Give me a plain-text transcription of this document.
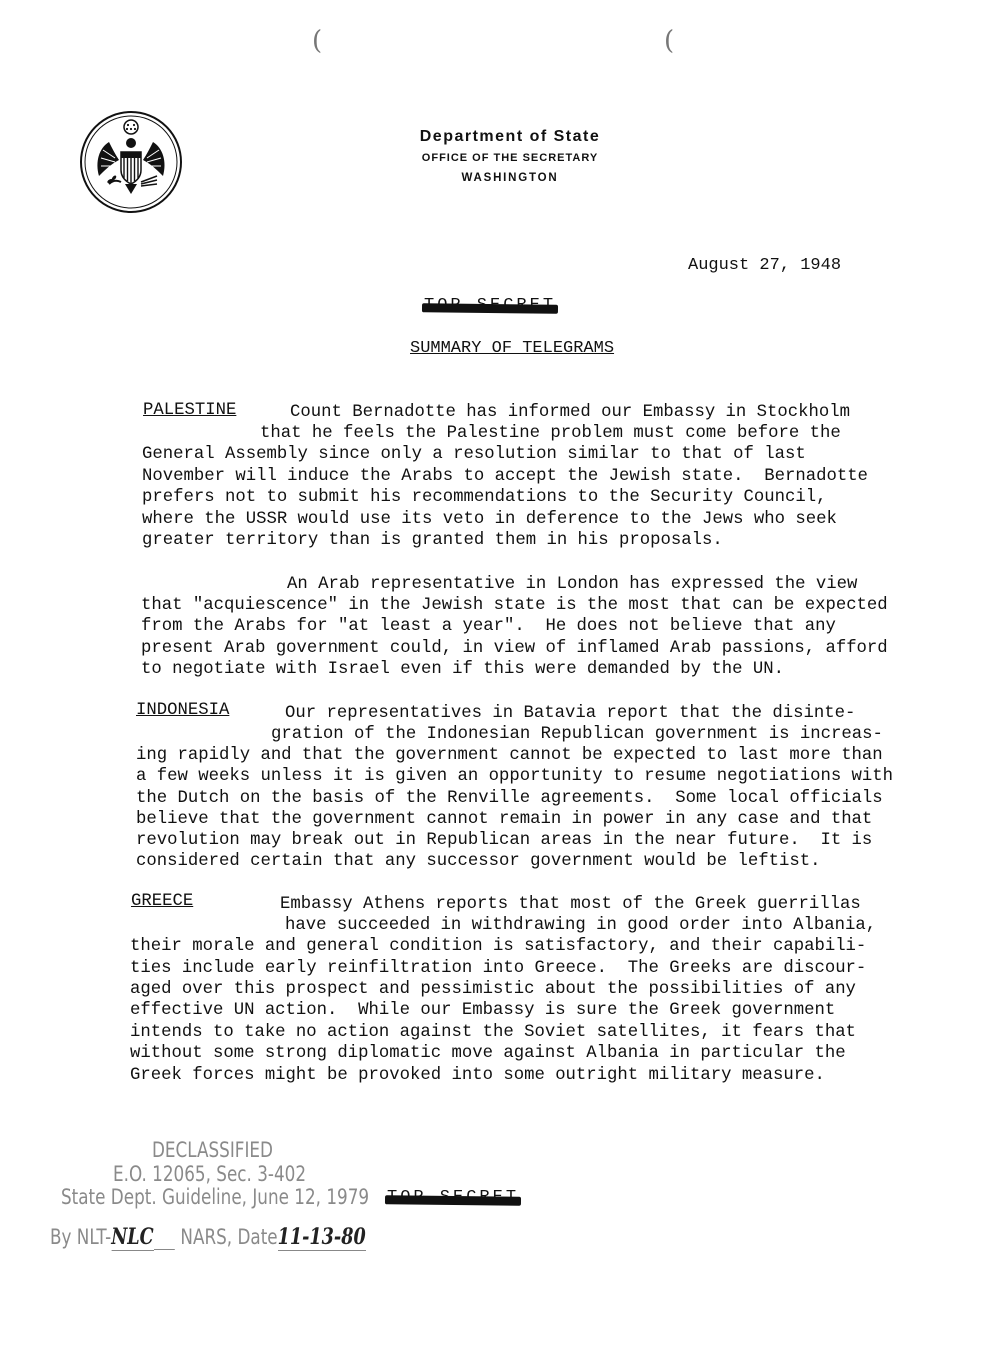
Department of State
OFFICE OF THE SECRETARY
WASHINGTON
(	(
August 27, 1948
SUMMARY OF TELEGRAMS
PALESTINE	Count Bernadotte has informed our Embassy in Stockholm
that he feels the Palestine problem must come before the
General Assembly since only a resolution similar to that of last
November will induce the Arabs to accept the Jewish state.  Bernadotte
prefers not to submit his recommendations to the Security Council,
where the USSR would use its veto in deference to the Jews who seek
greater territory than is granted them in his proposals.
An Arab representative in London has expressed the view
that "acquiescence" in the Jewish state is the most that can be expected
from the Arabs for "at least a year".  He does not believe that any
present Arab government could, in view of inflamed Arab passions, afford
to negotiate with Israel even if this were demanded by the UN.
INDONESIA	Our representatives in Batavia report that the disinte-
gration of the Indonesian Republican government is increas-
ing rapidly and that the government cannot be expected to last more than
a few weeks unless it is given an opportunity to resume negotiations with
the Dutch on the basis of the Renville agreements.  Some local officials
believe that the government cannot remain in power in any case and that
revolution may break out in Republican areas in the near future.  It is
considered certain that any successor government would be leftist.
GREECE	Embassy Athens reports that most of the Greek guerrillas
have succeeded in withdrawing in good order into Albania,
their morale and general condition is satisfactory, and their capabili-
ties include early reinfiltration into Greece.  The Greeks are discour-
aged over this prospect and pessimistic about the possibilities of any
effective UN action.  While our Embassy is sure the Greek government
intends to take no action against the Soviet satellites, it fears that
without some strong diplomatic move against Albania in particular the
Greek forces might be provoked into some outright military measure.
DECLASSIFIED
E.O. 12065, Sec. 3-402
State Dept. Guideline, June 12, 1979
By NLT-NLC     NARS, Date11-13-80
